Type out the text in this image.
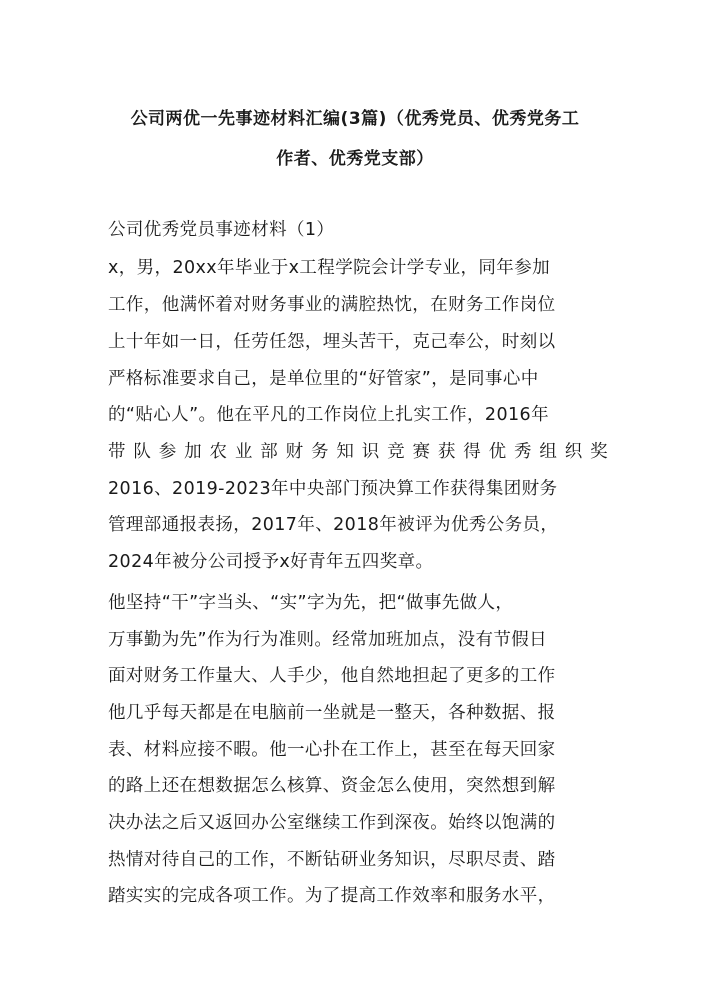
公司两优一先事迹材料汇编(3篇)（优秀党员、优秀党务工
作者、优秀党支部）
公司优秀党员事迹材料（1）
x，男，20xx年毕业于x工程学院会计学专业，同年参加
工作，他满怀着对财务事业的满腔热忱，在财务工作岗位
上十年如一日，任劳任怨，埋头苦干，克己奉公，时刻以
严格标准要求自己，是单位里的“好管家”，是同事心中
的“贴心人”。他在平凡的工作岗位上扎实工作，2016年
带队参加农业部财务知识竞赛获得优秀组织奖
2016、2019-2023年中央部门预决算工作获得集团财务
管理部通报表扬，2017年、2018年被评为优秀公务员，
2024年被分公司授予x好青年五四奖章。
他坚持“干”字当头、“实”字为先，把“做事先做人，
万事勤为先”作为行为准则。经常加班加点，没有节假日
面对财务工作量大、人手少，他自然地担起了更多的工作
他几乎每天都是在电脑前一坐就是一整天，各种数据、报
表、材料应接不暇。他一心扑在工作上，甚至在每天回家
的路上还在想数据怎么核算、资金怎么使用，突然想到解
决办法之后又返回办公室继续工作到深夜。始终以饱满的
热情对待自己的工作，不断钻研业务知识，尽职尽责、踏
踏实实的完成各项工作。为了提高工作效率和服务水平，
